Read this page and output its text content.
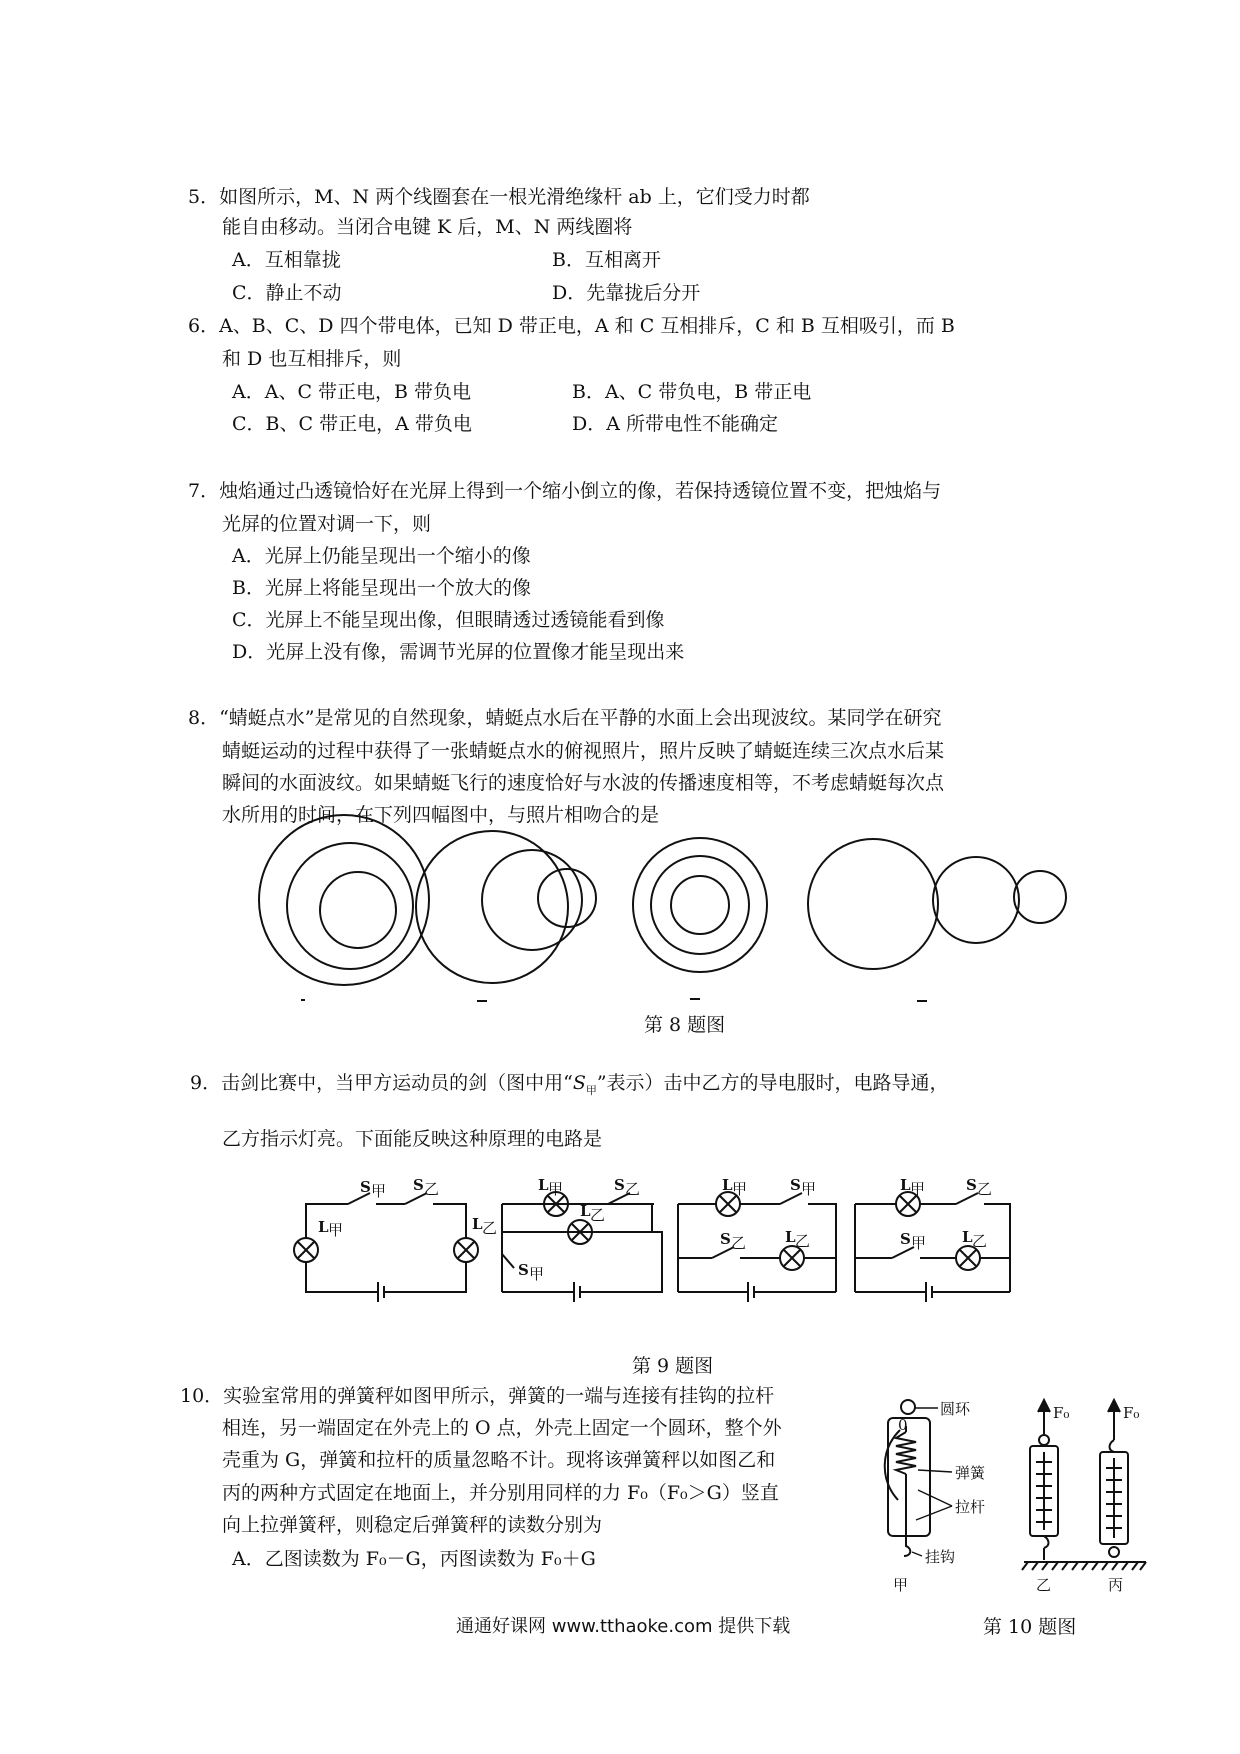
5．如图所示，M、N 两个线圈套在一根光滑绝缘杆 ab 上，它们受力时都
能自由移动。当闭合电键 K 后，M、N 两线圈将
A．互相靠拢	B．互相离开
C．静止不动	D．先靠拢后分开
6．A、B、C、D 四个带电体，已知 D 带正电，A 和 C 互相排斥，C 和 B 互相吸引，而 B
和 D 也互相排斥，则
A．A、C 带正电，B 带负电	B．A、C 带负电，B 带正电
C．B、C 带正电，A 带负电	D．A 所带电性不能确定
7．烛焰通过凸透镜恰好在光屏上得到一个缩小倒立的像，若保持透镜位置不变，把烛焰与
光屏的位置对调一下，则
A．光屏上仍能呈现出一个缩小的像
B．光屏上将能呈现出一个放大的像
C．光屏上不能呈现出像，但眼睛透过透镜能看到像
D．光屏上没有像，需调节光屏的位置像才能呈现出来
8．“蜻蜓点水”是常见的自然现象，蜻蜓点水后在平静的水面上会出现波纹。某同学在研究
蜻蜓运动的过程中获得了一张蜻蜓点水的俯视照片，照片反映了蜻蜓连续三次点水后某
瞬间的水面波纹。如果蜻蜓飞行的速度恰好与水波的传播速度相等，不考虑蜻蜓每次点
水所用的时间，在下列四幅图中，与照片相吻合的是
第 8 题图
9．击剑比赛中，当甲方运动员的剑（图中用“$S_甲$”表示）击中乙方的导电服时，电路导通，
乙方指示灯亮。下面能反映这种原理的电路是
S 甲 S 乙
L 甲	L 乙
L 甲	S 乙
L 乙
S 甲
L 甲	S 甲
S 乙	L 乙
L 甲	S 乙
S 甲 L 乙
第 9 题图
10．实验室常用的弹簧秤如图甲所示，弹簧的一端与连接有挂钩的拉杆
相连，另一端固定在外壳上的 O 点，外壳上固定一个圆环，整个外
壳重为 G，弹簧和拉杆的质量忽略不计。现将该弹簧秤以如图乙和
丙的两种方式固定在地面上，并分别用同样的力 F₀（F₀＞G）竖直
向上拉弹簧秤，则稳定后弹簧秤的读数分别为
A．乙图读数为 F₀－G，丙图读数为 F₀＋G
0
圆环
弹簧
拉杆
挂钩
甲
F₀	F₀
乙	丙
通通好课网 www.tthaoke.com 提供下载	第 10 题图
